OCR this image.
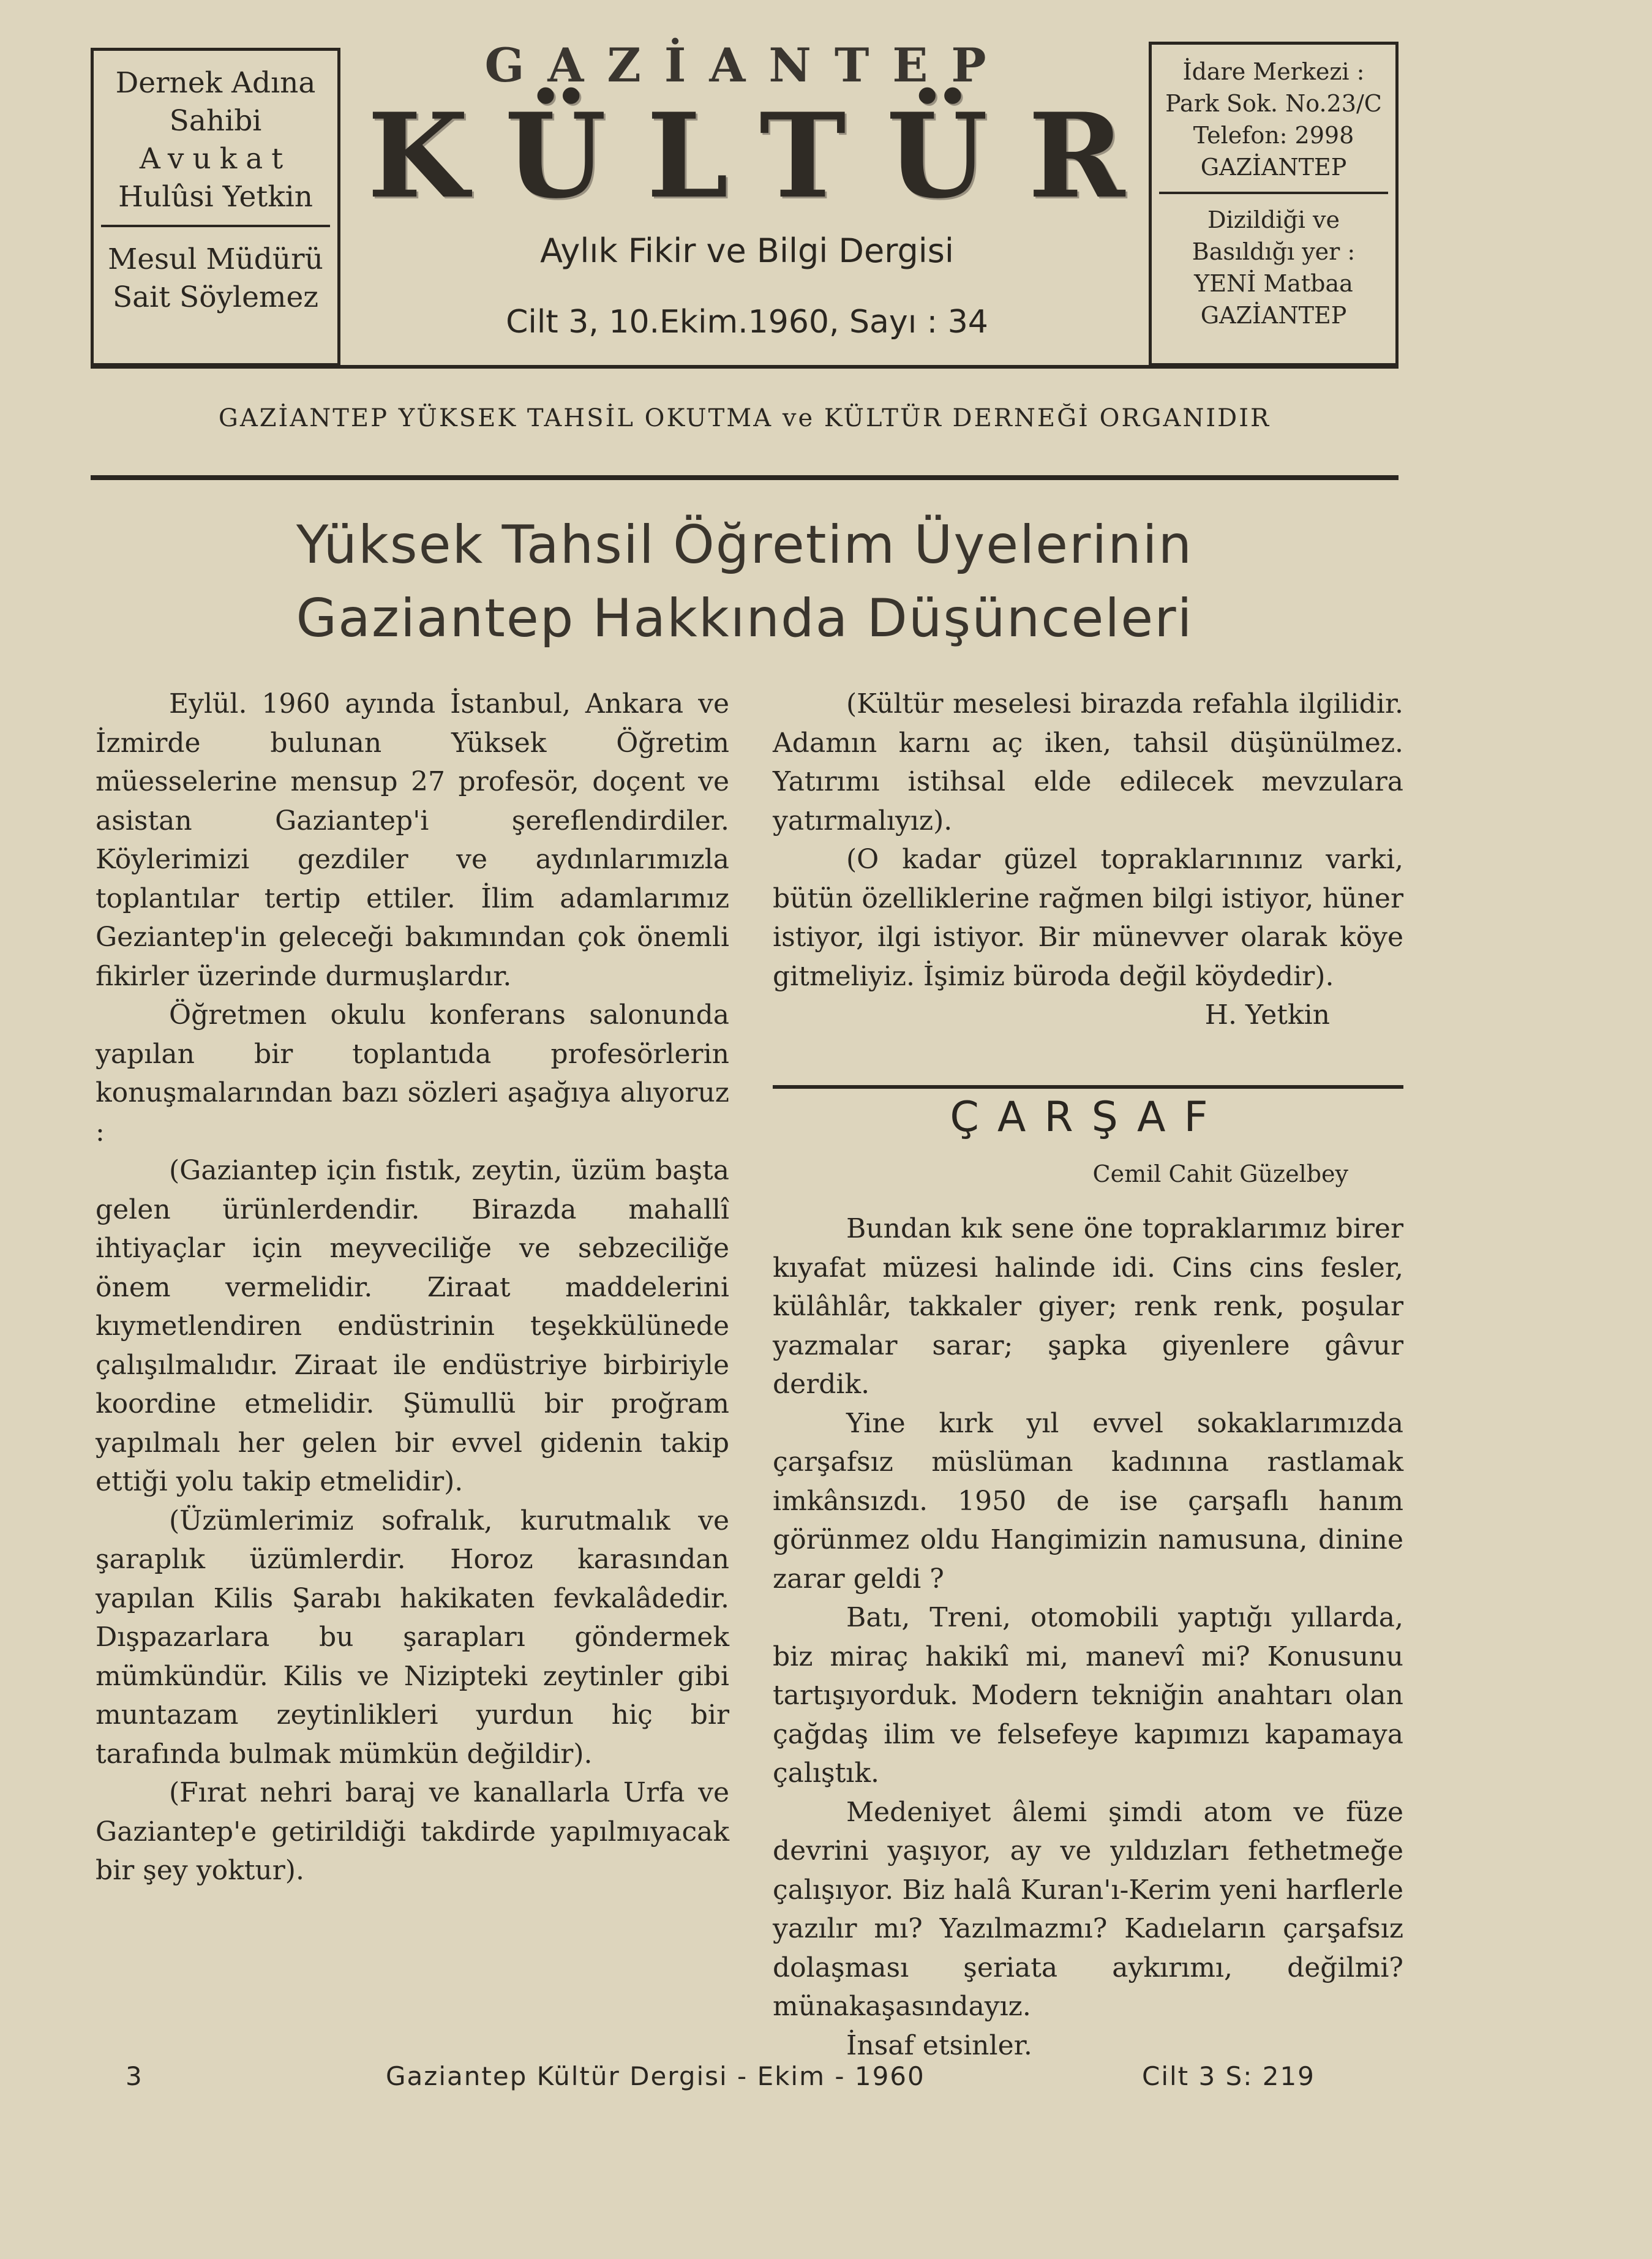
Dernek Adına
Sahibi
Avukat
Hulûsi Yetkin
Mesul Müdürü
Sait Söylemez
GAZİANTEP
KÜLTÜR
Aylık Fikir ve Bilgi Dergisi
Cilt 3, 10.Ekim.1960, Sayı : 34
İdare Merkezi :
Park Sok. No.23/C
Telefon: 2998
GAZİANTEP
Dizildiği ve
Basıldığı yer :
YENİ Matbaa
GAZİANTEP
GAZİANTEP YÜKSEK TAHSİL OKUTMA ve KÜLTÜR DERNEĞİ ORGANIDIR
Yüksek Tahsil Öğretim Üyelerinin
Gaziantep Hakkında Düşünceleri

Eylül. 1960 ayında İstanbul, Ankara ve İzmirde bulunan Yüksek Öğretim müesselerine mensup 27 profesör, doçent ve asistan Gaziantep'i şereflendirdiler. Köylerimizi gezdiler ve aydınlarımızla toplantılar tertip ettiler. İlim adamlarımız Geziantep'in geleceği bakımından çok önemli fikirler üzerinde durmuşlardır.

Öğretmen okulu konferans salonunda yapılan bir toplantıda profesörlerin konuşmalarından bazı sözleri aşağıya alıyoruz :

(Gaziantep için fıstık, zeytin, üzüm başta gelen ürünlerdendir. Birazda mahallî ihtiyaçlar için meyveciliğe ve sebzeciliğe önem vermelidir. Ziraat maddelerini kıymetlendiren endüstrinin teşekkülünede çalışılmalıdır. Ziraat ile endüstriye birbiriyle koordine etmelidir. Şümullü bir proğram yapılmalı her gelen bir evvel gidenin takip ettiği yolu takip etmelidir).

(Üzümlerimiz sofralık, kurutmalık ve şaraplık üzümlerdir. Horoz karasından yapılan Kilis Şarabı hakikaten fevkalâdedir. Dışpazarlara bu şarapları göndermek mümkündür. Kilis ve Nizipteki zeytinler gibi muntazam zeytinlikleri yurdun hiç bir tarafında bulmak mümkün değildir).

(Fırat nehri baraj ve kanallarla Urfa ve Gaziantep'e getirildiği takdirde yapılmıyacak bir şey yoktur).

(Kültür meselesi birazda refahla ilgilidir. Adamın karnı aç iken, tahsil düşünülmez. Yatırımı istihsal elde edilecek mevzulara yatırmalıyız).

(O kadar güzel topraklarınınız varki, bütün özelliklerine rağmen bilgi istiyor, hüner istiyor, ilgi istiyor. Bir münevver olarak köye gitmeliyiz. İşimiz büroda değil köydedir).

H. Yetkin
ÇARŞAF
Cemil Cahit Güzelbey

Bundan kık sene öne topraklarımız birer kıyafat müzesi halinde idi. Cins cins fesler, külâhlâr, takkaler giyer; renk renk, poşular yazmalar sarar; şapka giyenlere gâvur derdik.

Yine kırk yıl evvel sokaklarımızda çarşafsız müslüman kadınına rastlamak imkânsızdı. 1950 de ise çarşaflı hanım görünmez oldu Hangimizin namusuna, dinine zarar geldi ?

Batı, Treni, otomobili yaptığı yıllarda, biz miraç hakikî mi, manevî mi? Konusunu tartışıyorduk. Modern tekniğin anahtarı olan çağdaş ilim ve felsefeye kapımızı kapamaya çalıştık.

Medeniyet âlemi şimdi atom ve füze devrini yaşıyor, ay ve yıldızları fethetmeğe çalışıyor. Biz halâ Kuran'ı-Kerim yeni harflerle yazılır mı? Yazılmazmı? Kadıeların çarşafsız dolaşması şeriata aykırımı, değilmi? münakaşasındayız.

İnsaf etsinler.

3	Gaziantep Kültür Dergisi - Ekim - 1960	Cilt 3 S: 219
